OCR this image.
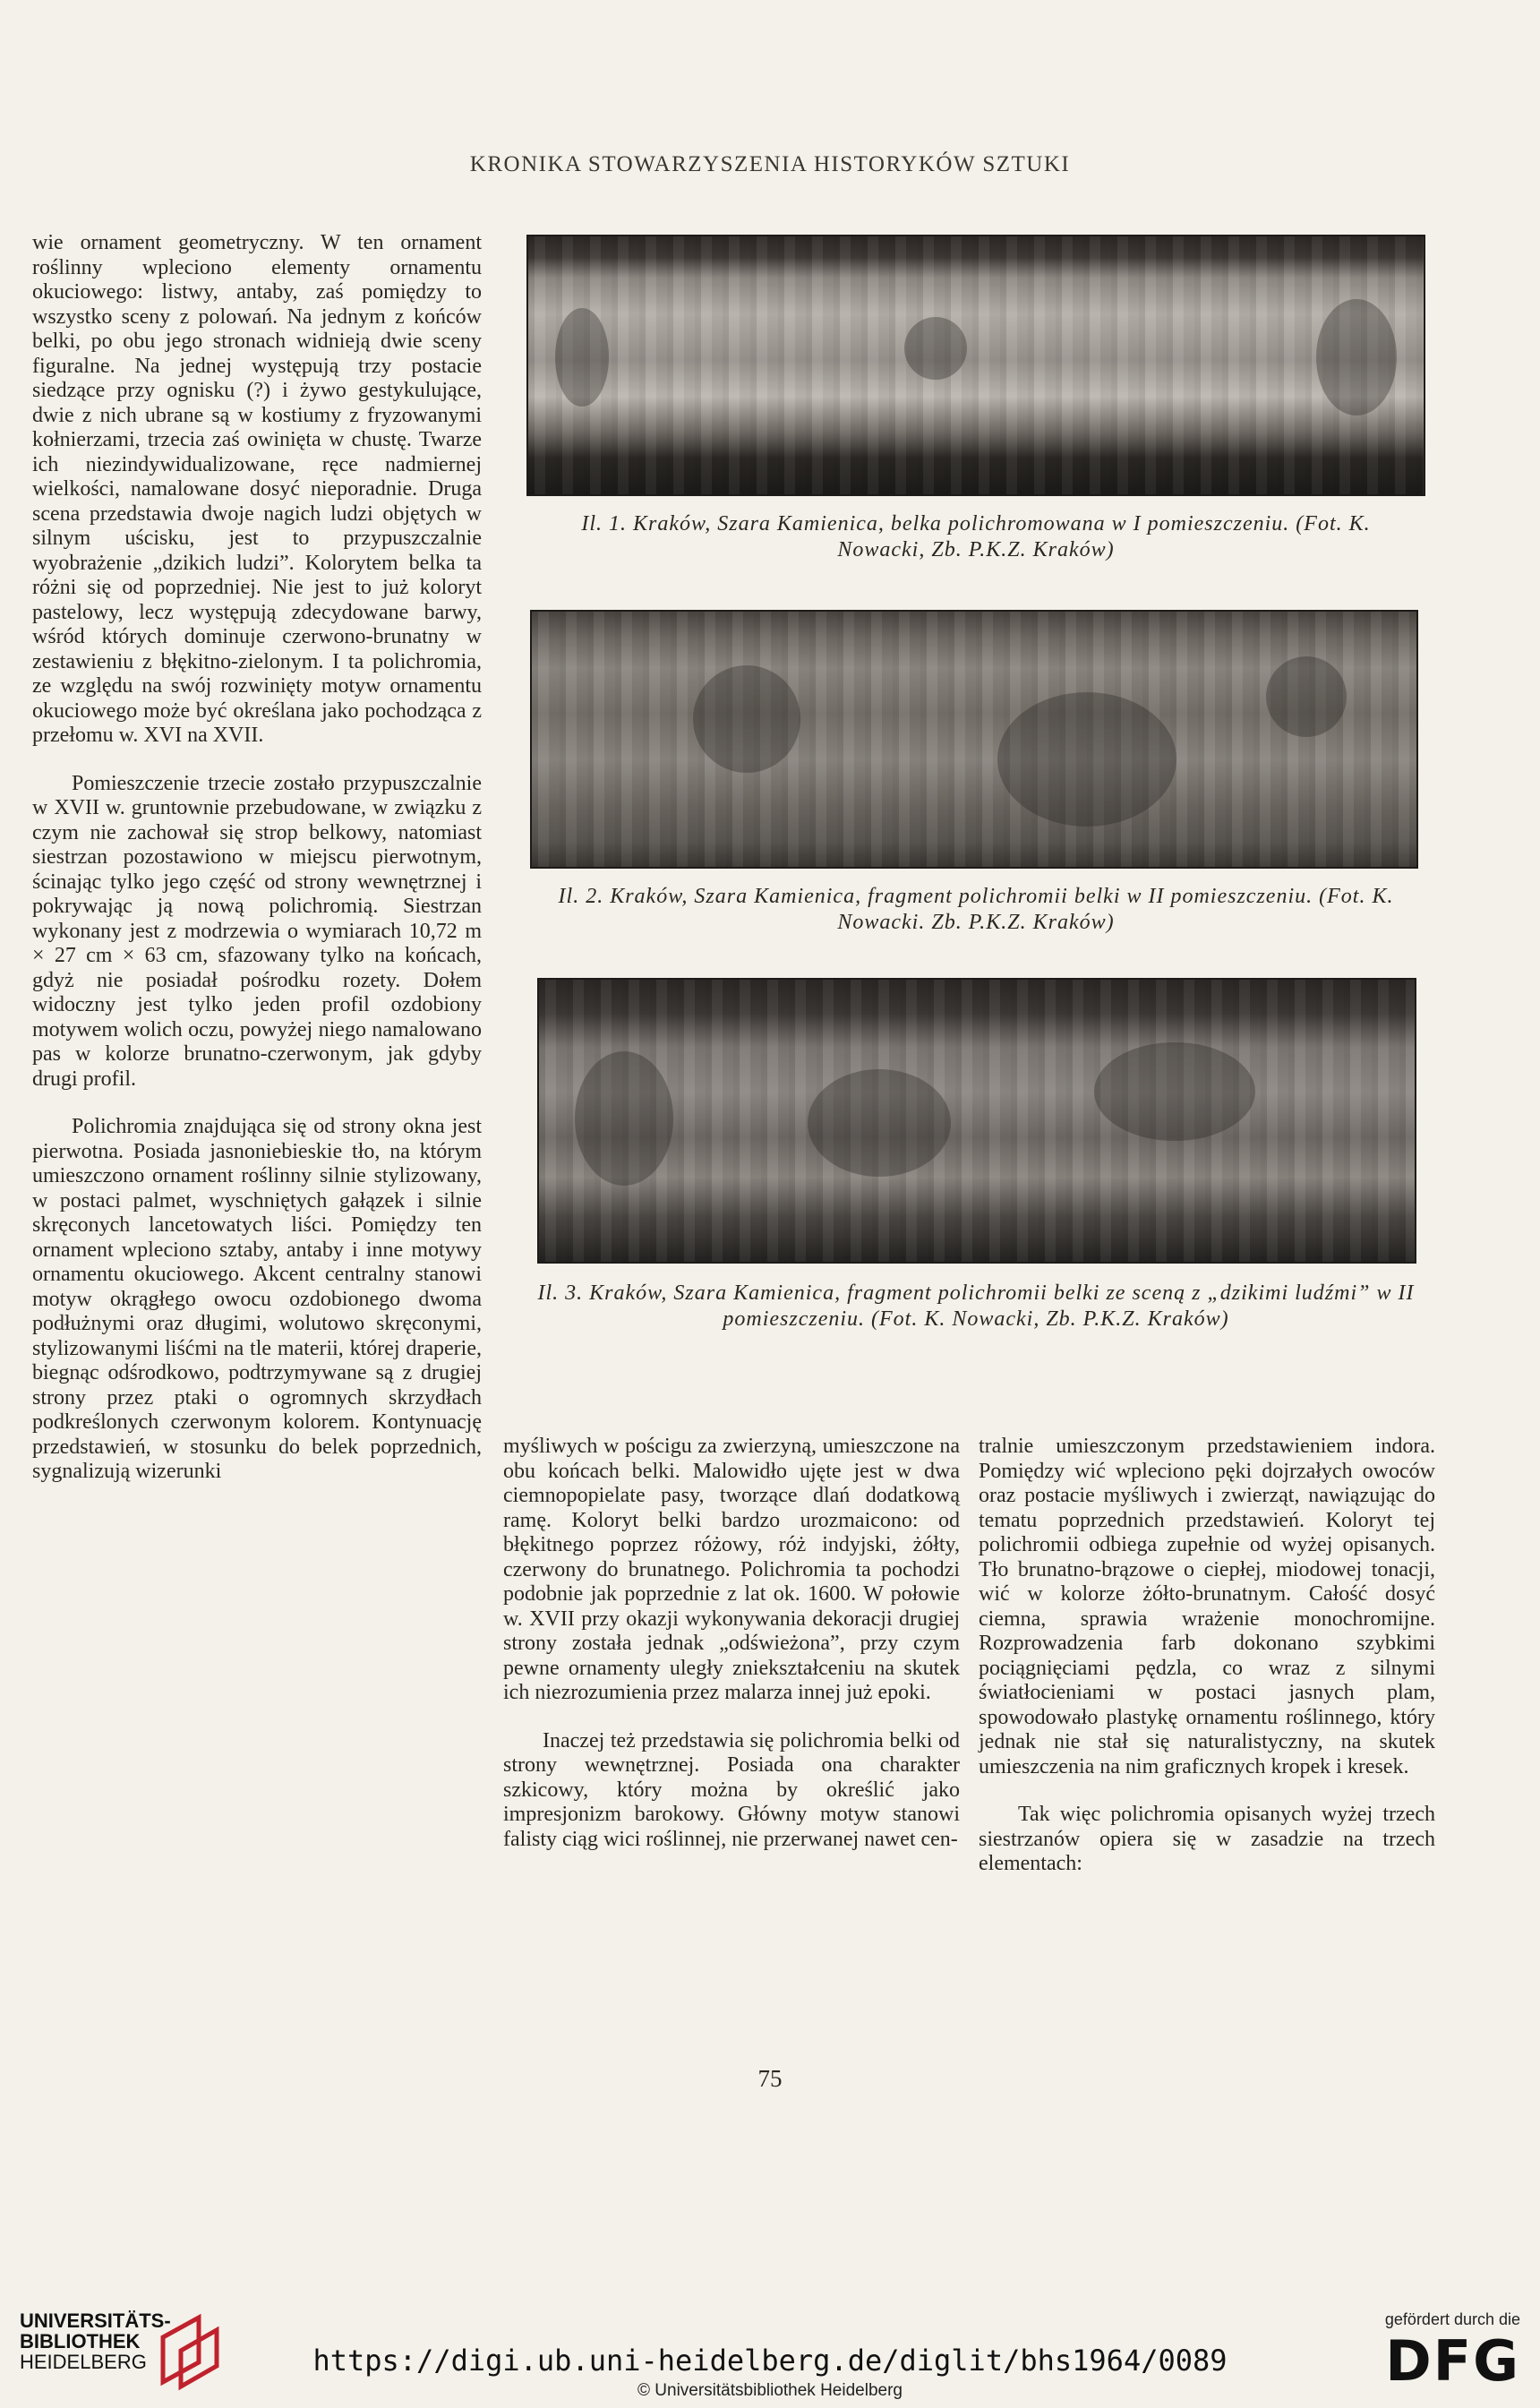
KRONIKA STOWARZYSZENIA HISTORYKÓW SZTUKI

wie ornament geometryczny. W ten ornament roślinny wpleciono elementy ornamentu okuciowego: listwy, antaby, zaś pomiędzy to wszystko sceny z polowań. Na jednym z końców belki, po obu jego stronach widnieją dwie sceny figuralne. Na jednej występują trzy postacie siedzące przy ognisku (?) i żywo gestykulujące, dwie z nich ubrane są w kostiumy z fryzowanymi kołnierzami, trzecia zaś owinięta w chustę. Twarze ich niezindywidualizowane, ręce nadmiernej wielkości, namalowane dosyć nieporadnie. Druga scena przedstawia dwoje nagich ludzi objętych w silnym uścisku, jest to przypuszczalnie wyobrażenie „dzikich ludzi”. Kolorytem belka ta różni się od poprzedniej. Nie jest to już koloryt pastelowy, lecz występują zdecydowane barwy, wśród których dominuje czerwono-brunatny w zestawieniu z błękitno-zielonym. I ta polichromia, ze względu na swój rozwinięty motyw ornamentu okuciowego może być określana jako pochodząca z przełomu w. XVI na XVII.

Pomieszczenie trzecie zostało przypuszczalnie w XVII w. gruntownie przebudowane, w związku z czym nie zachował się strop belkowy, natomiast siestrzan pozostawiono w miejscu pierwotnym, ścinając tylko jego część od strony wewnętrznej i pokrywając ją nową polichromią. Siestrzan wykonany jest z modrzewia o wymiarach 10,72 m × 27 cm × 63 cm, sfazowany tylko na końcach, gdyż nie posiadał pośrodku rozety. Dołem widoczny jest tylko jeden profil ozdobiony motywem wolich oczu, powyżej niego namalowano pas w kolorze brunatno-czerwonym, jak gdyby drugi profil.

Polichromia znajdująca się od strony okna jest pierwotna. Posiada jasnoniebieskie tło, na którym umieszczono ornament roślinny silnie stylizowany, w postaci palmet, wyschniętych gałązek i silnie skręconych lancetowatych liści. Pomiędzy ten ornament wpleciono sztaby, antaby i inne motywy ornamentu okuciowego. Akcent centralny stanowi motyw okrągłego owocu ozdobionego dwoma podłużnymi oraz długimi, wolutowo skręconymi, stylizowanymi liśćmi na tle materii, której draperie, biegnąc odśrodkowo, podtrzymywane są z drugiej strony przez ptaki o ogromnych skrzydłach podkreślonych czerwonym kolorem. Kontynuację przedstawień, w stosunku do belek poprzednich, sygnalizują wizerunki

Il. 1. Kraków, Szara Kamienica, belka polichromowana w I pomieszczeniu. (Fot. K. Nowacki, Zb. P.K.Z. Kraków)
Il. 2. Kraków, Szara Kamienica, fragment polichromii belki w II pomieszczeniu. (Fot. K. Nowacki. Zb. P.K.Z. Kraków)
Il. 3. Kraków, Szara Kamienica, fragment polichromii belki ze sceną z „dzikimi ludźmi” w II pomieszczeniu. (Fot. K. Nowacki, Zb. P.K.Z. Kraków)

myśliwych w pościgu za zwierzyną, umieszczone na obu końcach belki. Malowidło ujęte jest w dwa ciemnopopielate pasy, tworzące dlań dodatkową ramę. Koloryt belki bardzo urozmaicono: od błękitnego poprzez różowy, róż indyjski, żółty, czerwony do brunatnego. Polichromia ta pochodzi podobnie jak poprzednie z lat ok. 1600. W połowie w. XVII przy okazji wykonywania dekoracji drugiej strony została jednak „odświeżona”, przy czym pewne ornamenty uległy zniekształceniu na skutek ich niezrozumienia przez malarza innej już epoki.

Inaczej też przedstawia się polichromia belki od strony wewnętrznej. Posiada ona charakter szkicowy, który można by określić jako impresjonizm barokowy. Główny motyw stanowi falisty ciąg wici roślinnej, nie przerwanej nawet cen-

tralnie umieszczonym przedstawieniem indora. Pomiędzy wić wpleciono pęki dojrzałych owoców oraz postacie myśliwych i zwierząt, nawiązując do tematu poprzednich przedstawień. Koloryt tej polichromii odbiega zupełnie od wyżej opisanych. Tło brunatno-brązowe o ciepłej, miodowej tonacji, wić w kolorze żółto-brunatnym. Całość dosyć ciemna, sprawia wrażenie monochromijne. Rozprowadzenia farb dokonano szybkimi pociągnięciami pędzla, co wraz z silnymi światłocieniami w postaci jasnych plam, spowodowało plastykę ornamentu roślinnego, który jednak nie stał się naturalistyczny, na skutek umieszczenia na nim graficznych kropek i kresek.

Tak więc polichromia opisanych wyżej trzech siestrzanów opiera się w zasadzie na trzech elementach:

75
UNIVERSITÄTS-
BIBLIOTHEK
HEIDELBERG	https://digi.ub.uni-heidelberg.de/diglit/bhs1964/0089
© Universitätsbibliothek Heidelberg
gefördert durch die
DFG
